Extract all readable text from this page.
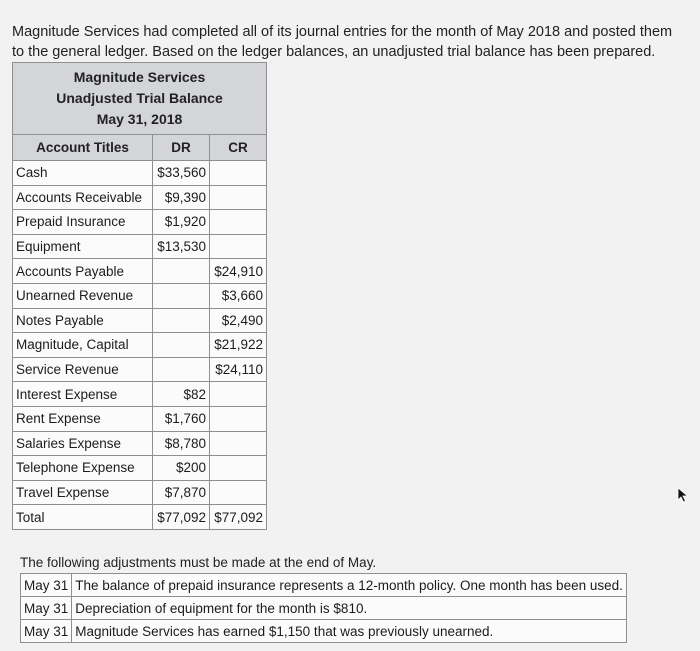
Magnitude Services had completed all of its journal entries for the month of May 2018 and posted them to the general ledger. Based on the ledger balances, an unadjusted trial balance has been prepared.
Magnitude Services
Unadjusted Trial Balance
May 31, 2018		

Account Titles	DR	CR
Cash	$33,560	
Accounts Receivable	$9,390	
Prepaid Insurance	$1,920	
Equipment	$13,530	
Accounts Payable		$24,910
Unearned Revenue		$3,660
Notes Payable		$2,490
Magnitude, Capital		$21,922
Service Revenue		$24,110
Interest Expense	$82	
Rent Expense	$1,760	
Salaries Expense	$8,780	
Telephone Expense	$200	
Travel Expense	$7,870	
Total	$77,092	$77,092
The following adjustments must be made at the end of May.
May 31	The balance of prepaid insurance represents a 12-month policy. One month has been used.
May 31	Depreciation of equipment for the month is $810.
May 31	Magnitude Services has earned $1,150 that was previously unearned.
